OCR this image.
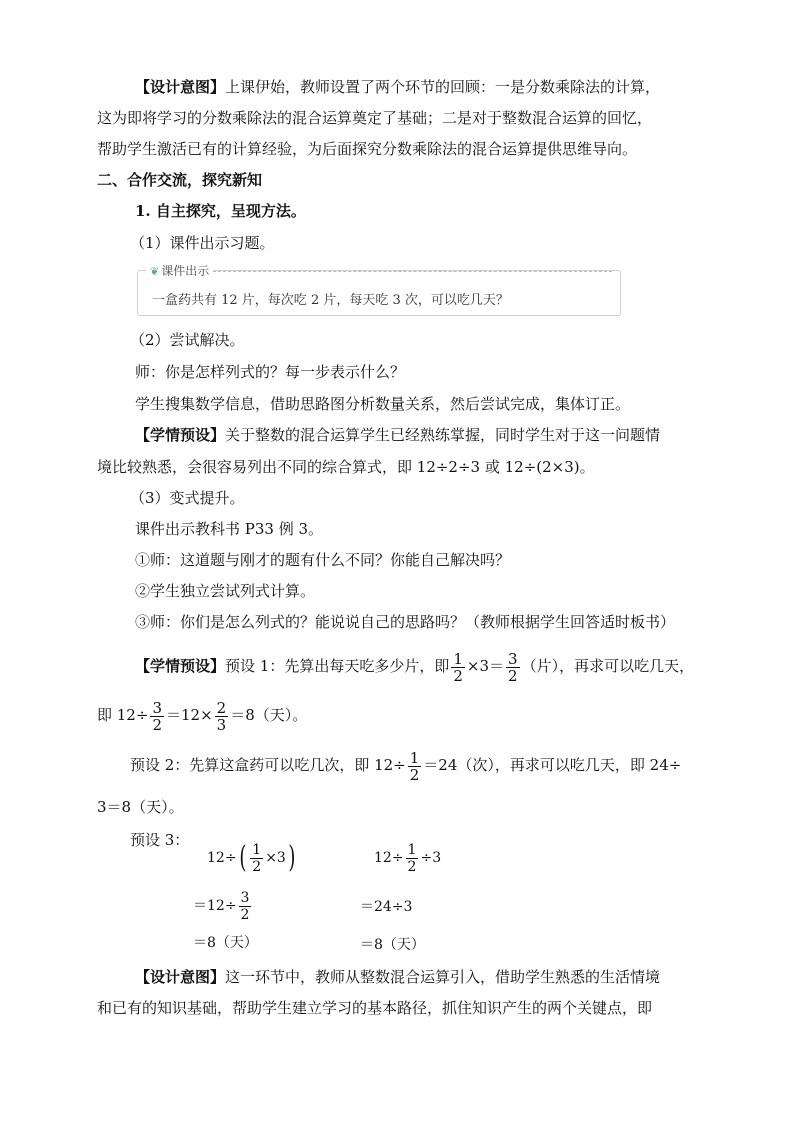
【设计意图】上课伊始，教师设置了两个环节的回顾：一是分数乘除法的计算，
这为即将学习的分数乘除法的混合运算奠定了基础；二是对于整数混合运算的回忆，
帮助学生激活已有的计算经验，为后面探究分数乘除法的混合运算提供思维导向。
二、合作交流，探究新知
1. 自主探究，呈现方法。
（1）课件出示习题。
❦ 课件出示
一盒药共有 12 片，每次吃 2 片，每天吃 3 次，可以吃几天？
（2）尝试解决。
师：你是怎样列式的？每一步表示什么？
学生搜集数学信息，借助思路图分析数量关系，然后尝试完成，集体订正。
【学情预设】关于整数的混合运算学生已经熟练掌握，同时学生对于这一问题情
境比较熟悉，会很容易列出不同的综合算式，即 12÷2÷3 或 12÷(2×3)。
（3）变式提升。
课件出示教科书 P33 例 3。
①师：这道题与刚才的题有什么不同？你能自己解决吗？
②学生独立尝试列式计算。
③师：你们是怎么列式的？能说说自己的思路吗？（教师根据学生回答适时板书）
【学情预设】预设 1：先算出每天吃多少片，即 $\frac{1}{2} \times 3= \frac{3}{2}$ （片），再求可以吃几天，
即 $12\div \frac{3}{2} =12\times \frac{2}{3} =8$（天）。
预设 2：先算这盒药可以吃几次，即 $12\div \frac{1}{2} =24$（次），再求可以吃几天，即 24÷
3＝8（天）。
预设 3：
$12\div( \frac{1}{2} \times 3)$
$=12\div \frac{3}{2}$
＝8（天）
$12\div \frac{1}{2} \div 3$
＝24÷3
＝8（天）
【设计意图】这一环节中，教师从整数混合运算引入，借助学生熟悉的生活情境
和已有的知识基础，帮助学生建立学习的基本路径，抓住知识产生的两个关键点，即
